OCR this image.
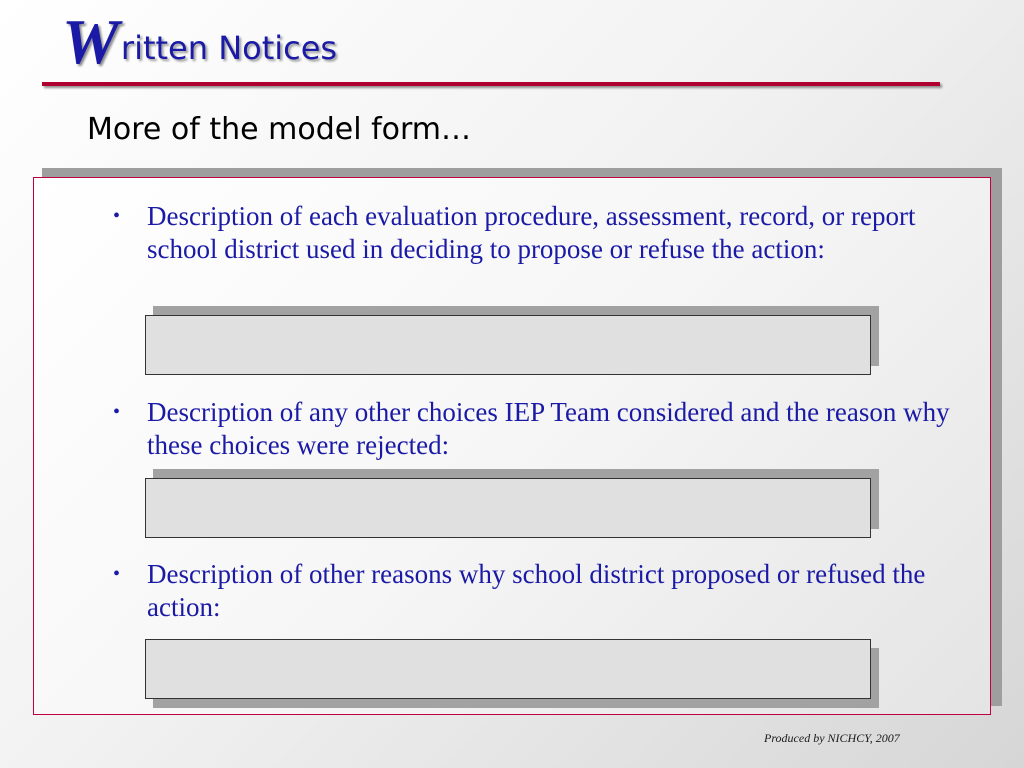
W ritten Notices
More of the model form…
• Description of each evaluation procedure, assessment, record, or report school district used in deciding to propose or refuse the action:
• Description of any other choices IEP Team considered and the reason why these choices were rejected:
• Description of other reasons why school district proposed or refused the action:
Produced by NICHCY, 2007
